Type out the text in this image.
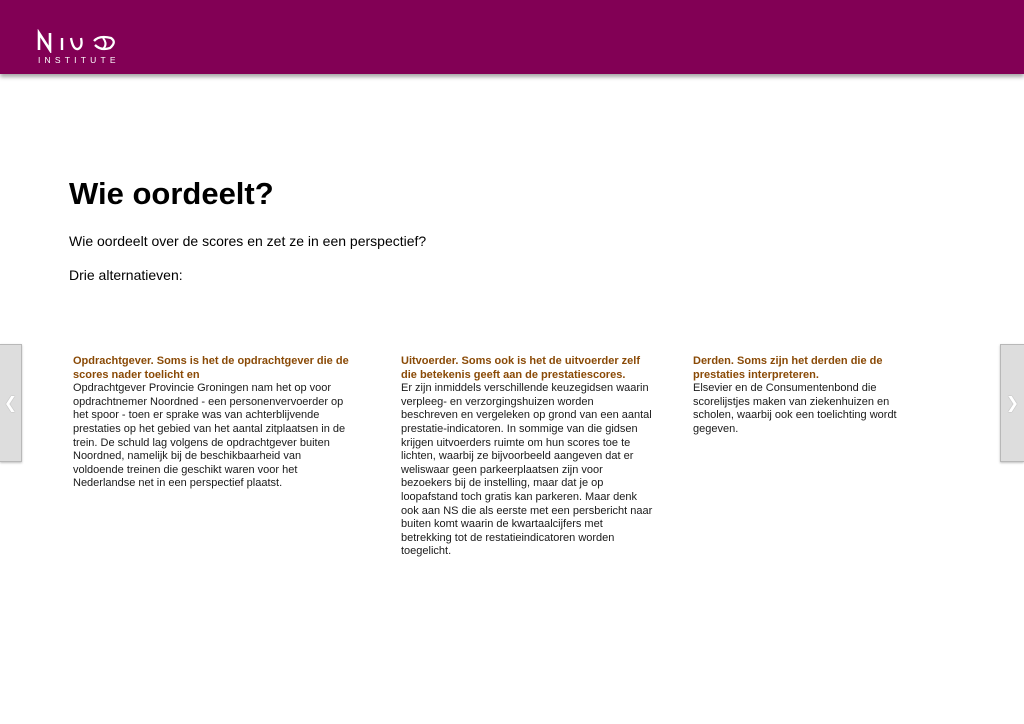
INSTITUTE
Wie oordeelt?

Wie oordeelt over de scores en zet ze in een perspectief?

Drie alternatieven:

Opdrachtgever. Soms is het de opdrachtgever die de scores nader toelicht en
Opdrachtgever Provincie Groningen nam het op voor opdrachtnemer Noordned - een personenvervoerder op het spoor - toen er sprake was van achterblijvende prestaties op het gebied van het aantal zitplaatsen in de trein. De schuld lag volgens de opdrachtgever buiten Noordned, namelijk bij de beschikbaarheid van voldoende treinen die geschikt waren voor het Nederlandse net in een perspectief plaatst.
Uitvoerder. Soms ook is het de uitvoerder zelf die betekenis geeft aan de prestatiescores.
Er zijn inmiddels verschillende keuzegidsen waarin verpleeg- en verzorgingshuizen worden beschreven en vergeleken op grond van een aantal prestatie-indicatoren. In sommige van die gidsen krijgen uitvoerders ruimte om hun scores toe te lichten, waarbij ze bijvoorbeeld aangeven dat er weliswaar geen parkeerplaatsen zijn voor bezoekers bij de instelling, maar dat je op loopafstand toch gratis kan parkeren. Maar denk ook aan NS die als eerste met een persbericht naar buiten komt waarin de kwartaalcijfers met betrekking tot de restatieindicatoren worden toegelicht.
Derden. Soms zijn het derden die de prestaties interpreteren.
Elsevier en de Consumentenbond die scorelijstjes maken van ziekenhuizen en scholen, waarbij ook een toelichting wordt gegeven.
❮	❯
